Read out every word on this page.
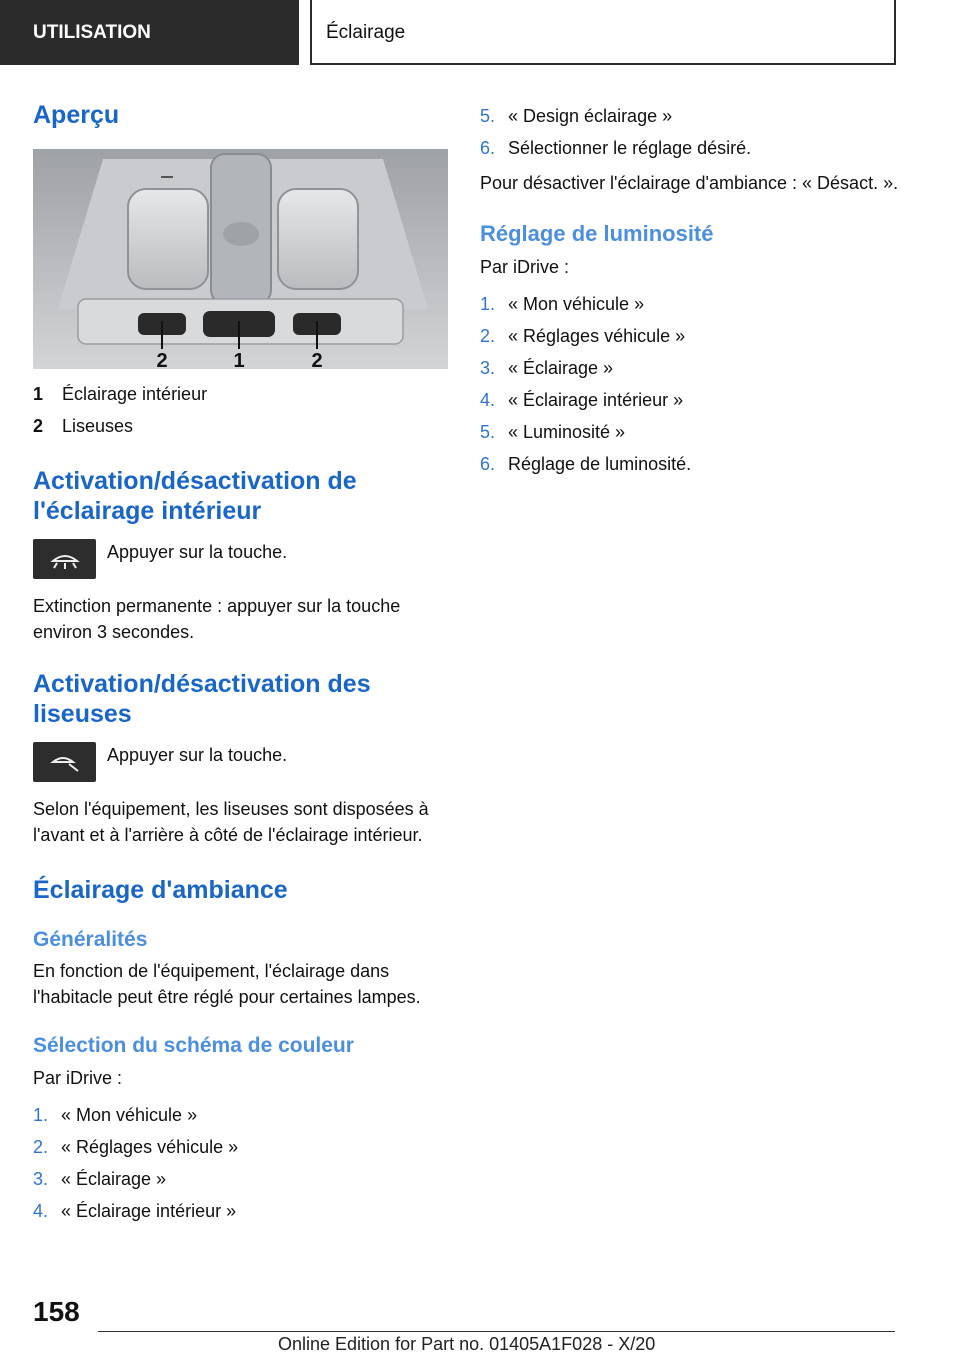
UTILISATION	Éclairage
Aperçu
2	1	2
1	Éclairage intérieur
2	Liseuses
Activation/désactivation de l'éclairage intérieur

Appuyer sur la touche.

Extinction permanente : appuyer sur la touche environ 3 secondes.

Activation/désactivation des liseuses

Appuyer sur la touche.

Selon l'équipement, les liseuses sont disposées à l'avant et à l'arrière à côté de l'éclairage intérieur.

Éclairage d'ambiance
Généralités

En fonction de l'équipement, l'éclairage dans l'habitacle peut être réglé pour certaines lampes.

Sélection du schéma de couleur

Par iDrive :

1. « Mon véhicule »
2. « Réglages véhicule »
3. « Éclairage »
4. « Éclairage intérieur »
5. « Design éclairage »
6. Sélectionner le réglage désiré.

Pour désactiver l'éclairage d'ambiance : « Désact. ».

Réglage de luminosité

Par iDrive :

1. « Mon véhicule »
2. « Réglages véhicule »
3. « Éclairage »
4. « Éclairage intérieur »
5. « Luminosité »
6. Réglage de luminosité.
158
Online Edition for Part no. 01405A1F028 - X/20
